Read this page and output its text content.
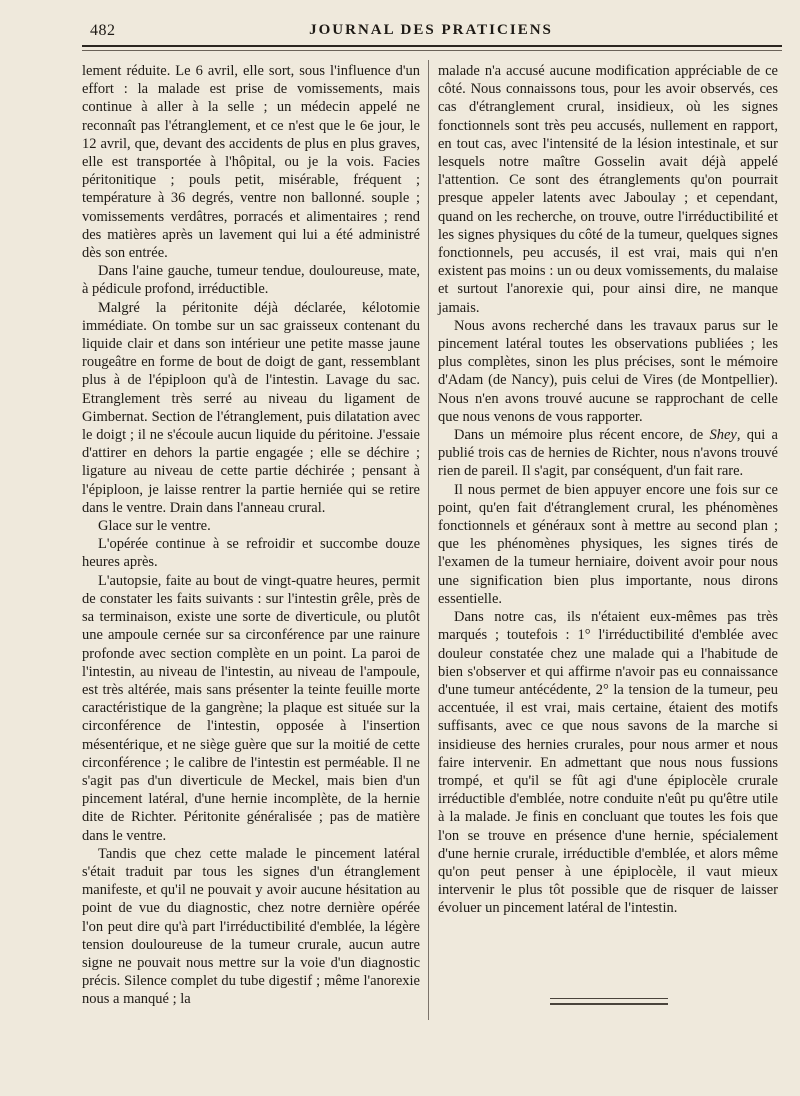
482	JOURNAL DES PRATICIENS

lement réduite. Le 6 avril, elle sort, sous l'influence d'un effort : la malade est prise de vomissements, mais continue à aller à la selle ; un médecin appelé ne reconnaît pas l'étranglement, et ce n'est que le 6e jour, le 12 avril, que, devant des accidents de plus en plus graves, elle est transportée à l'hôpital, ou je la vois. Facies péritonitique ; pouls petit, misérable, fréquent ; température à 36 degrés, ventre non ballonné. souple ; vomissements verdâtres, porracés et alimentaires ; rend des matières après un lavement qui lui a été administré dès son entrée.

Dans l'aine gauche, tumeur tendue, douloureuse, mate, à pédicule profond, irréductible.

Malgré la péritonite déjà déclarée, kélotomie immédiate. On tombe sur un sac graisseux contenant du liquide clair et dans son intérieur une petite masse jaune rougeâtre en forme de bout de doigt de gant, ressemblant plus à de l'épiploon qu'à de l'intestin. Lavage du sac. Etranglement très serré au niveau du ligament de Gimbernat. Section de l'étranglement, puis dilatation avec le doigt ; il ne s'écoule aucun liquide du péritoine. J'essaie d'attirer en dehors la partie engagée ; elle se déchire ; ligature au niveau de cette partie déchirée ; pensant à l'épiploon, je laisse rentrer la partie herniée qui se retire dans le ventre. Drain dans l'anneau crural.

Glace sur le ventre.

L'opérée continue à se refroidir et succombe douze heures après.

L'autopsie, faite au bout de vingt-quatre heures, permit de constater les faits suivants : sur l'intestin grêle, près de sa terminaison, existe une sorte de diverticule, ou plutôt une ampoule cernée sur sa circonférence par une rainure profonde avec section complète en un point. La paroi de l'intestin, au niveau de l'intestin, au niveau de l'ampoule, est très altérée, mais sans présenter la teinte feuille morte caractéristique de la gangrène; la plaque est située sur la circonférence de l'intestin, opposée à l'insertion mésentérique, et ne siège guère que sur la moitié de cette circonférence ; le calibre de l'intestin est perméable. Il ne s'agit pas d'un diverticule de Meckel, mais bien d'un pincement latéral, d'une hernie incomplète, de la hernie dite de Richter. Péritonite généralisée ; pas de matière dans le ventre.

Tandis que chez cette malade le pincement latéral s'était traduit par tous les signes d'un étranglement manifeste, et qu'il ne pouvait y avoir aucune hésitation au point de vue du diagnostic, chez notre dernière opérée l'on peut dire qu'à part l'irréductibilité d'emblée, la légère tension douloureuse de la tumeur crurale, aucun autre signe ne pouvait nous mettre sur la voie d'un diagnostic précis. Silence complet du tube digestif ; même l'anorexie nous a manqué ; la

malade n'a accusé aucune modification appréciable de ce côté. Nous connaissons tous, pour les avoir observés, ces cas d'étranglement crural, insidieux, où les signes fonctionnels sont très peu accusés, nullement en rapport, en tout cas, avec l'intensité de la lésion intestinale, et sur lesquels notre maître Gosselin avait déjà appelé l'attention. Ce sont des étranglements qu'on pourrait presque appeler latents avec Jaboulay ; et cependant, quand on les recherche, on trouve, outre l'irréductibilité et les signes physiques du côté de la tumeur, quelques signes fonctionnels, peu accusés, il est vrai, mais qui n'en existent pas moins : un ou deux vomissements, du malaise et surtout l'anorexie qui, pour ainsi dire, ne manque jamais.

Nous avons recherché dans les travaux parus sur le pincement latéral toutes les observations publiées ; les plus complètes, sinon les plus précises, sont le mémoire d'Adam (de Nancy), puis celui de Vires (de Montpellier). Nous n'en avons trouvé aucune se rapprochant de celle que nous venons de vous rapporter.

Dans un mémoire plus récent encore, de Shey, qui a publié trois cas de hernies de Richter, nous n'avons trouvé rien de pareil. Il s'agit, par conséquent, d'un fait rare.

Il nous permet de bien appuyer encore une fois sur ce point, qu'en fait d'étranglement crural, les phénomènes fonctionnels et généraux sont à mettre au second plan ; que les phénomènes physiques, les signes tirés de l'examen de la tumeur herniaire, doivent avoir pour nous une signification bien plus importante, nous dirons essentielle.

Dans notre cas, ils n'étaient eux-mêmes pas très marqués ; toutefois : 1° l'irréductibilité d'emblée avec douleur constatée chez une malade qui a l'habitude de bien s'observer et qui affirme n'avoir pas eu connaissance d'une tumeur antécédente, 2° la tension de la tumeur, peu accentuée, il est vrai, mais certaine, étaient des motifs suffisants, avec ce que nous savons de la marche si insidieuse des hernies crurales, pour nous armer et nous faire intervenir. En admettant que nous nous fussions trompé, et qu'il se fût agi d'une épiplocèle crurale irréductible d'emblée, notre conduite n'eût pu qu'être utile à la malade. Je finis en concluant que toutes les fois que l'on se trouve en présence d'une hernie, spécialement d'une hernie crurale, irréductible d'emblée, et alors même qu'on peut penser à une épiplocèle, il vaut mieux intervenir le plus tôt possible que de risquer de laisser évoluer un pincement latéral de l'intestin.
